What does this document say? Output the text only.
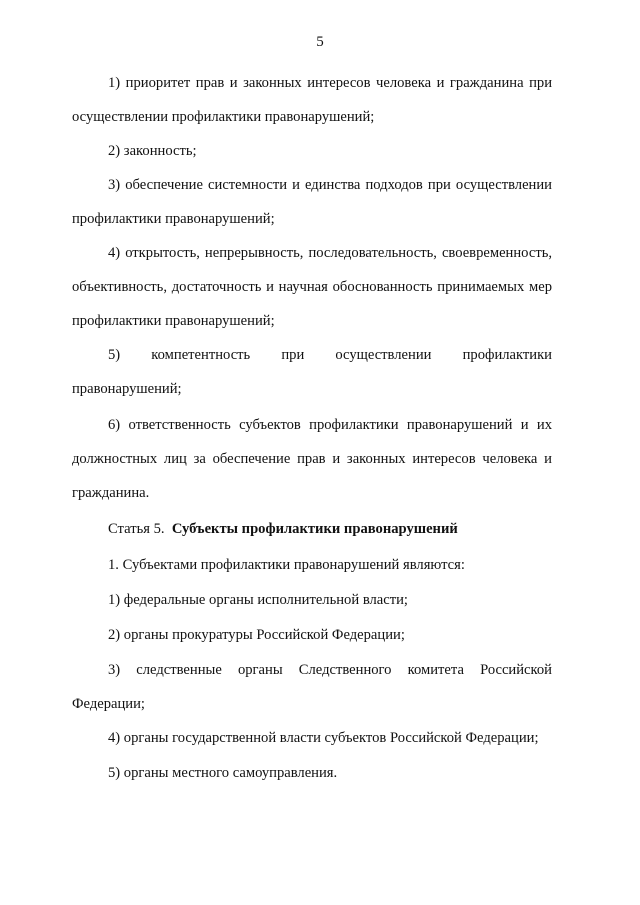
5
1) приоритет прав и законных интересов человека и гражданина при осуществлении профилактики правонарушений;
2) законность;
3) обеспечение системности и единства подходов при осуществлении профилактики правонарушений;
4) открытость, непрерывность, последовательность, своевременность, объективность, достаточность и научная обоснованность принимаемых мер профилактики правонарушений;
5) компетентность при осуществлении профилактики правонарушений;
6) ответственность субъектов профилактики правонарушений и их должностных лиц за обеспечение прав и законных интересов человека и гражданина.
Статья 5. Субъекты профилактики правонарушений
1. Субъектами профилактики правонарушений являются:
1) федеральные органы исполнительной власти;
2) органы прокуратуры Российской Федерации;
3) следственные органы Следственного комитета Российской Федерации;
4) органы государственной власти субъектов Российской Федерации;
5) органы местного самоуправления.
